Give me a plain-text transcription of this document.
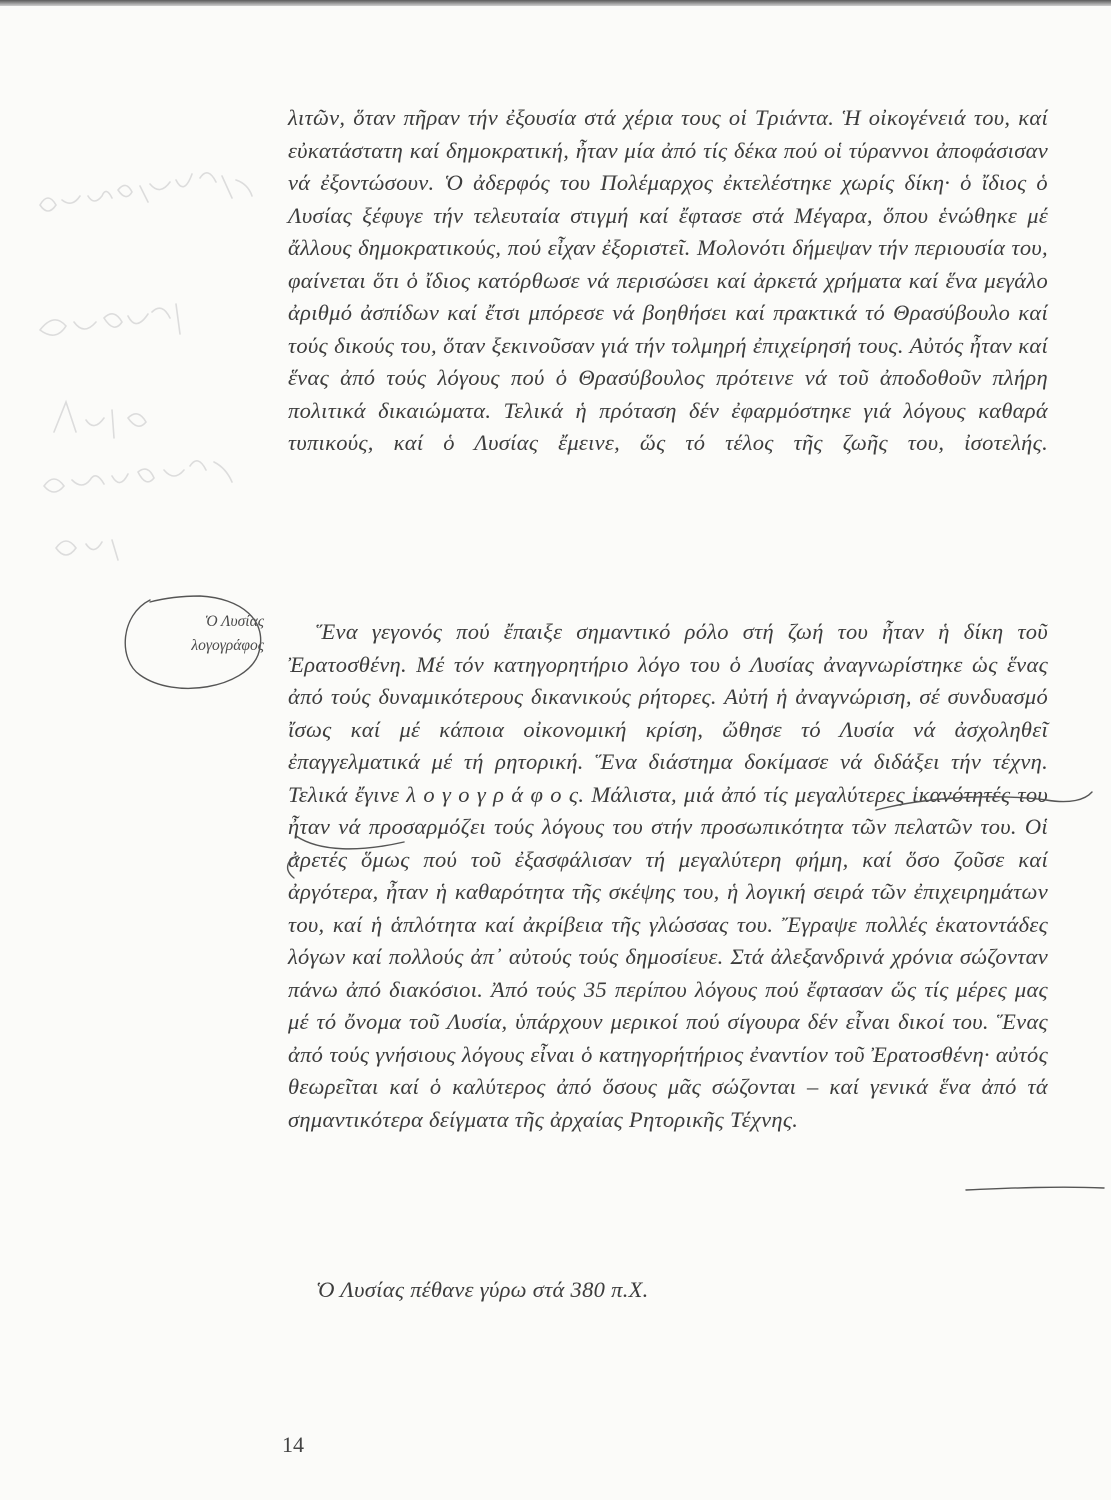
λιτῶν, ὅταν πῆραν τήν ἐξουσία στά χέρια τους οἱ Τριάντα. Ἡ οἰκογένειά του, καί εὐκατάστατη καί δημοκρατική, ἦταν μία ἀπό τίς δέκα πού οἱ τύραννοι ἀποφάσισαν νά ἐξοντώσουν. Ὁ ἀδερφός του Πολέμαρχος ἐκτελέστηκε χωρίς δίκη· ὁ ἴδιος ὁ Λυσίας ξέφυγε τήν τελευταία στιγμή καί ἔφτασε στά Μέγαρα, ὅπου ἑνώθηκε μέ ἄλλους δημοκρατικούς, πού εἶχαν ἐξοριστεῖ. Μολονότι δήμεψαν τήν περιουσία του, φαίνεται ὅτι ὁ ἴδιος κατόρθωσε νά περισώσει καί ἀρκετά χρήματα καί ἕνα μεγάλο ἀριθμό ἀσπίδων καί ἔτσι μπόρεσε νά βοηθήσει καί πρακτικά τό Θρασύβουλο καί τούς δικούς του, ὅταν ξεκινοῦσαν γιά τήν τολμηρή ἐπιχείρησή τους. Αὐτός ἦταν καί ἕνας ἀπό τούς λόγους πού ὁ Θρασύβουλος πρότεινε νά τοῦ ἀποδοθοῦν πλήρη πολιτικά δικαιώματα. Τελικά ἡ πρόταση δέν ἐφαρμόστηκε γιά λόγους καθαρά τυπικούς, καί ὁ Λυσίας ἔμεινε, ὥς τό τέλος τῆς ζωῆς του, ἰσοτελής.

Ἕνα γεγονός πού ἔπαιξε σημαντικό ρόλο στή ζωή του ἦταν ἡ δίκη τοῦ Ἐρατοσθένη. Μέ τόν κατηγορητήριο λόγο του ὁ Λυσίας ἀναγνωρίστηκε ὡς ἕνας ἀπό τούς δυναμικότερους δικανικούς ρήτορες. Αὐτή ἡ ἀναγνώριση, σέ συνδυασμό ἴσως καί μέ κάποια οἰκονομική κρίση, ὤθησε τό Λυσία νά ἀσχοληθεῖ ἐπαγγελματικά μέ τή ρητορική. Ἕνα διάστημα δοκίμασε νά διδάξει τήν τέχνη. Τελικά ἔγινε λ ο γ ο γ ρ ά φ ο ς. Μάλιστα, μιά ἀπό τίς μεγαλύτερες ἱκανότητές του ἦταν νά προσαρμόζει τούς λόγους του στήν προσωπικότητα τῶν πελατῶν του. Οἱ ἀρετές ὅμως πού τοῦ ἐξασφάλισαν τή μεγαλύτερη φήμη, καί ὅσο ζοῦσε καί ἀργότερα, ἦταν ἡ καθαρότητα τῆς σκέψης του, ἡ λογική σειρά τῶν ἐπιχειρημάτων του, καί ἡ ἁπλότητα καί ἀκρίβεια τῆς γλώσσας του. Ἔγραψε πολλές ἑκατοντάδες λόγων καί πολλούς ἀπ᾽ αὐτούς τούς δημοσίευε. Στά ἀλεξανδρινά χρόνια σώζονταν πάνω ἀπό διακόσιοι. Ἀπό τούς 35 περίπου λόγους πού ἔφτασαν ὥς τίς μέρες μας μέ τό ὄνομα τοῦ Λυσία, ὑπάρχουν μερικοί πού σίγουρα δέν εἶναι δικοί του. Ἕνας ἀπό τούς γνήσιους λόγους εἶναι ὁ κατηγορήτήριος ἐναντίον τοῦ Ἐρατοσθένη· αὐτός θεωρεῖται καί ὁ καλύτερος ἀπό ὅσους μᾶς σώζονται – καί γενικά ἕνα ἀπό τά σημαντικότερα δείγματα τῆς ἀρχαίας Ρητορικῆς Τέχνης.

Ὁ Λυσίας πέθανε γύρω στά 380 π.Χ.

Ὁ Λυσίας
λογογράφος
14
